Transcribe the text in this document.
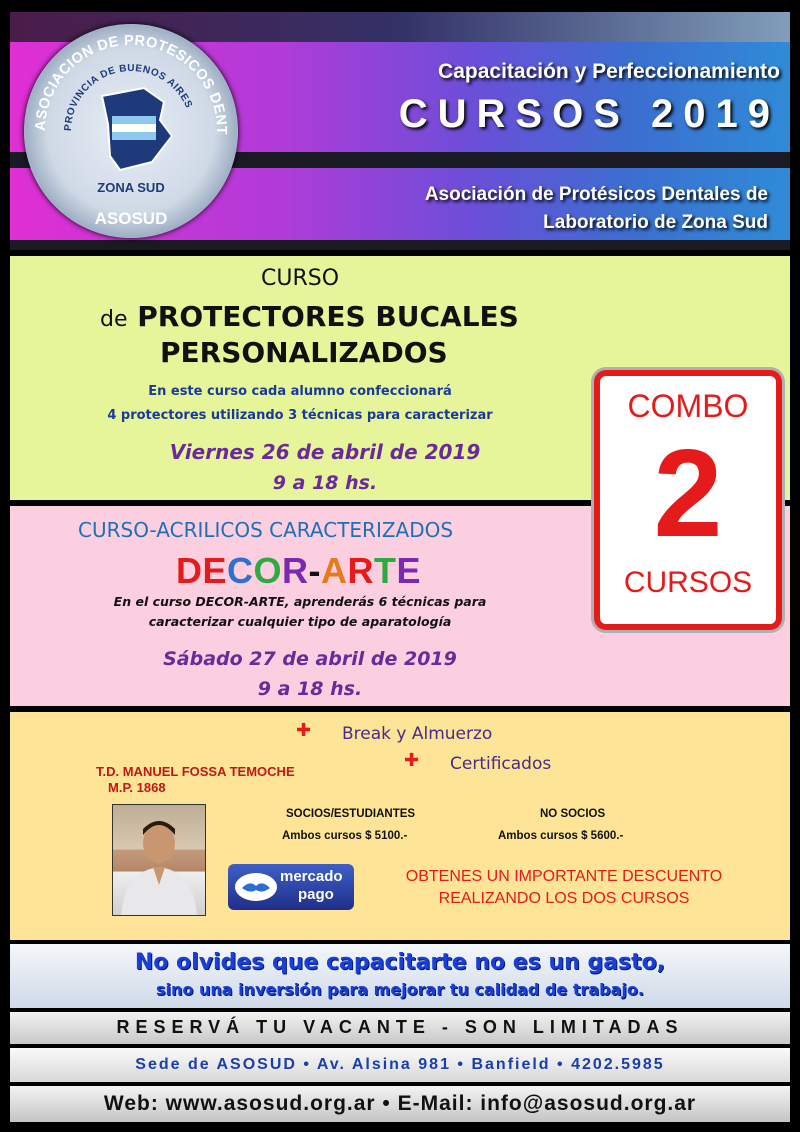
Capacitación y Perfeccionamiento
CURSOS 2019
Asociación de Protésicos Dentales de
Laboratorio de Zona Sud
ASOCIACION DE PROTESICOS DENT
PROVINCIA DE BUENOS AIRES
ZONA SUD
ASOSUD
CURSO
de PROTECTORES BUCALES
PERSONALIZADOS
En este curso cada alumno confeccionará
4 protectores utilizando 3 técnicas para caracterizar
Viernes 26 de abril de 2019
9 a 18 hs.
CURSO-ACRILICOS CARACTERIZADOS
DECOR-ARTE
En el curso DECOR-ARTE, aprenderás 6 técnicas para
caracterizar cualquier tipo de aparatología
Sábado 27 de abril de 2019
9 a 18 hs.
COMBO
2
CURSOS
✚ Break y Almuerzo
✚ Certificados
T.D. MANUEL FOSSA TEMOCHE
M.P. 1868
SOCIOS/ESTUDIANTES
Ambos cursos $ 5100.-
NO SOCIOS
Ambos cursos $ 5600.-
mercado
pago
OBTENES UN IMPORTANTE DESCUENTO
REALIZANDO LOS DOS CURSOS
No olvides que capacitarte no es un gasto,
sino una inversión para mejorar tu calidad de trabajo.
RESERVÁ TU VACANTE - SON LIMITADAS
Sede de ASOSUD • Av. Alsina 981 • Banfield • 4202.5985
Web: www.asosud.org.ar • E-Mail: info@asosud.org.ar
